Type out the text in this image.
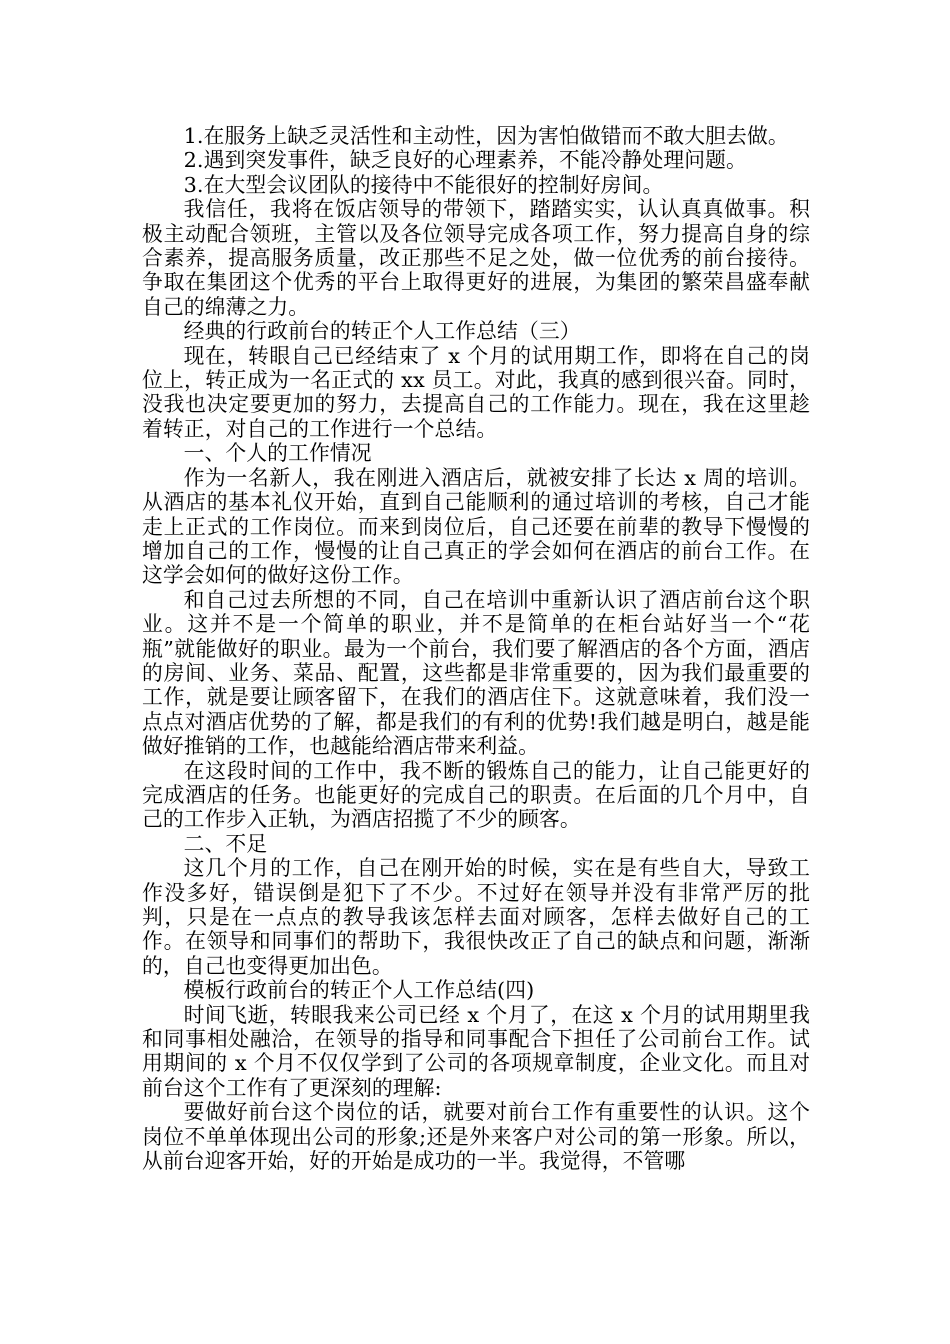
1.在服务上缺乏灵活性和主动性，因为害怕做错而不敢大胆去做。

2.遇到突发事件，缺乏良好的心理素养，不能冷静处理问题。

3.在大型会议团队的接待中不能很好的控制好房间。

我信任，我将在饭店领导的带领下，踏踏实实，认认真真做事。积极主动配合领班，主管以及各位领导完成各项工作，努力提高自身的综合素养，提高服务质量，改正那些不足之处，做一位优秀的前台接待。争取在集团这个优秀的平台上取得更好的进展，为集团的繁荣昌盛奉献自己的绵薄之力。

经典的行政前台的转正个人工作总结（三）

现在，转眼自己已经结束了 x 个月的试用期工作，即将在自己的岗位上，转正成为一名正式的 xx 员工。对此，我真的感到很兴奋。同时，没我也决定要更加的努力，去提高自己的工作能力。现在，我在这里趁着转正，对自己的工作进行一个总结。

一、个人的工作情况

作为一名新人，我在刚进入酒店后，就被安排了长达 x 周的培训。从酒店的基本礼仪开始，直到自己能顺利的通过培训的考核，自己才能走上正式的工作岗位。而来到岗位后，自己还要在前辈的教导下慢慢的增加自己的工作，慢慢的让自己真正的学会如何在酒店的前台工作。在这学会如何的做好这份工作。

和自己过去所想的不同，自己在培训中重新认识了酒店前台这个职业。这并不是一个简单的职业，并不是简单的在柜台站好当一个“花瓶”就能做好的职业。最为一个前台，我们要了解酒店的各个方面，酒店的房间、业务、菜品、配置，这些都是非常重要的，因为我们最重要的工作，就是要让顾客留下，在我们的酒店住下。这就意味着，我们没一点点对酒店优势的了解，都是我们的有利的优势!我们越是明白，越是能做好推销的工作，也越能给酒店带来利益。

在这段时间的工作中，我不断的锻炼自己的能力，让自己能更好的完成酒店的任务。也能更好的完成自己的职责。在后面的几个月中，自己的工作步入正轨，为酒店招揽了不少的顾客。

二、不足

这几个月的工作，自己在刚开始的时候，实在是有些自大，导致工作没多好，错误倒是犯下了不少。不过好在领导并没有非常严厉的批判，只是在一点点的教导我该怎样去面对顾客，怎样去做好自己的工作。在领导和同事们的帮助下，我很快改正了自己的缺点和问题，渐渐的，自己也变得更加出色。

模板行政前台的转正个人工作总结(四)

时间飞逝，转眼我来公司已经 x 个月了，在这 x 个月的试用期里我和同事相处融洽，在领导的指导和同事配合下担任了公司前台工作。试用期间的 x 个月不仅仅学到了公司的各项规章制度，企业文化。而且对前台这个工作有了更深刻的理解:

要做好前台这个岗位的话，就要对前台工作有重要性的认识。这个岗位不单单体现出公司的形象;还是外来客户对公司的第一形象。所以，从前台迎客开始，好的开始是成功的一半。我觉得，不管哪
